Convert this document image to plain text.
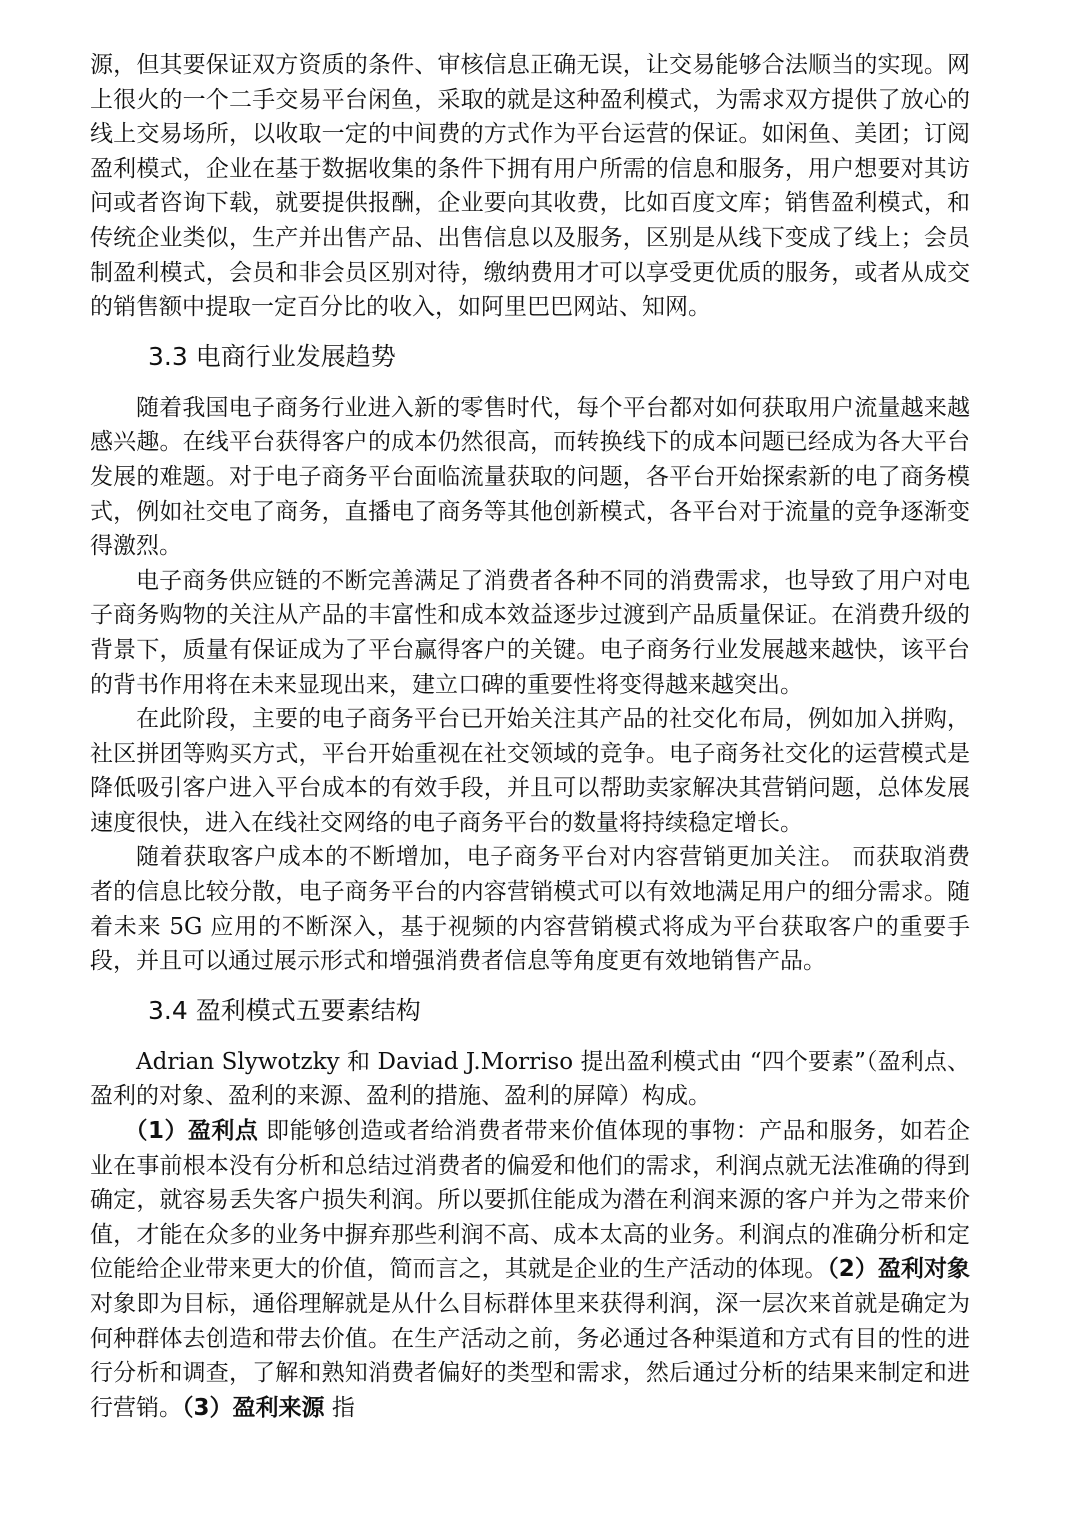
源，但其要保证双方资质的条件、审核信息正确无误，让交易能够合法顺当的实现。网上很火的一个二手交易平台闲鱼，采取的就是这种盈利模式，为需求双方提供了放心的线上交易场所，以收取一定的中间费的方式作为平台运营的保证。如闲鱼、美团；订阅盈利模式，企业在基于数据收集的条件下拥有用户所需的信息和服务，用户想要对其访问或者咨询下载，就要提供报酬，企业要向其收费，比如百度文库；销售盈利模式，和传统企业类似，生产并出售产品、出售信息以及服务，区别是从线下变成了线上；会员制盈利模式，会员和非会员区别对待，缴纳费用才可以享受更优质的服务，或者从成交的销售额中提取一定百分比的收入，如阿里巴巴网站、知网。

3.3 电商行业发展趋势

随着我国电子商务行业进入新的零售时代，每个平台都对如何获取用户流量越来越感兴趣。在线平台获得客户的成本仍然很高，而转换线下的成本问题已经成为各大平台发展的难题。对于电子商务平台面临流量获取的问题，各平台开始探索新的电了商务模式，例如社交电了商务，直播电了商务等其他创新模式，各平台对于流量的竞争逐渐变得激烈。

电子商务供应链的不断完善满足了消费者各种不同的消费需求，也导致了用户对电子商务购物的关注从产品的丰富性和成本效益逐步过渡到产品质量保证。在消费升级的背景下，质量有保证成为了平台赢得客户的关键。电子商务行业发展越来越快，该平台的背书作用将在未来显现出来，建立口碑的重要性将变得越来越突出。

在此阶段，主要的电子商务平台已开始关注其产品的社交化布局，例如加入拼购，社区拼团等购买方式，平台开始重视在社交领域的竞争。电子商务社交化的运营模式是降低吸引客户进入平台成本的有效手段，并且可以帮助卖家解决其营销问题，总体发展速度很快，进入在线社交网络的电子商务平台的数量将持续稳定增长。

随着获取客户成本的不断增加，电子商务平台对内容营销更加关注。 而获取消费者的信息比较分散，电子商务平台的内容营销模式可以有效地满足用户的细分需求。随着未来 5G 应用的不断深入，基于视频的内容营销模式将成为平台获取客户的重要手段，并且可以通过展示形式和增强消费者信息等角度更有效地销售产品。

3.4 盈利模式五要素结构

Adrian Slywotzky 和 Daviad J.Morriso 提出盈利模式由 “四个要素”（盈利点、盈利的对象、盈利的来源、盈利的措施、盈利的屏障）构成。

（1）盈利点 即能够创造或者给消费者带来价值体现的事物：产品和服务，如若企业在事前根本没有分析和总结过消费者的偏爱和他们的需求，利润点就无法准确的得到确定，就容易丢失客户损失利润。所以要抓住能成为潜在利润来源的客户并为之带来价值，才能在众多的业务中摒弃那些利润不高、成本太高的业务。利润点的准确分析和定位能给企业带来更大的价值，简而言之，其就是企业的生产活动的体现。（2）盈利对象 对象即为目标，通俗理解就是从什么目标群体里来获得利润，深一层次来首就是确定为何种群体去创造和带去价值。在生产活动之前，务必通过各种渠道和方式有目的性的进行分析和调查，了解和熟知消费者偏好的类型和需求，然后通过分析的结果来制定和进行营销。（3）盈利来源 指
